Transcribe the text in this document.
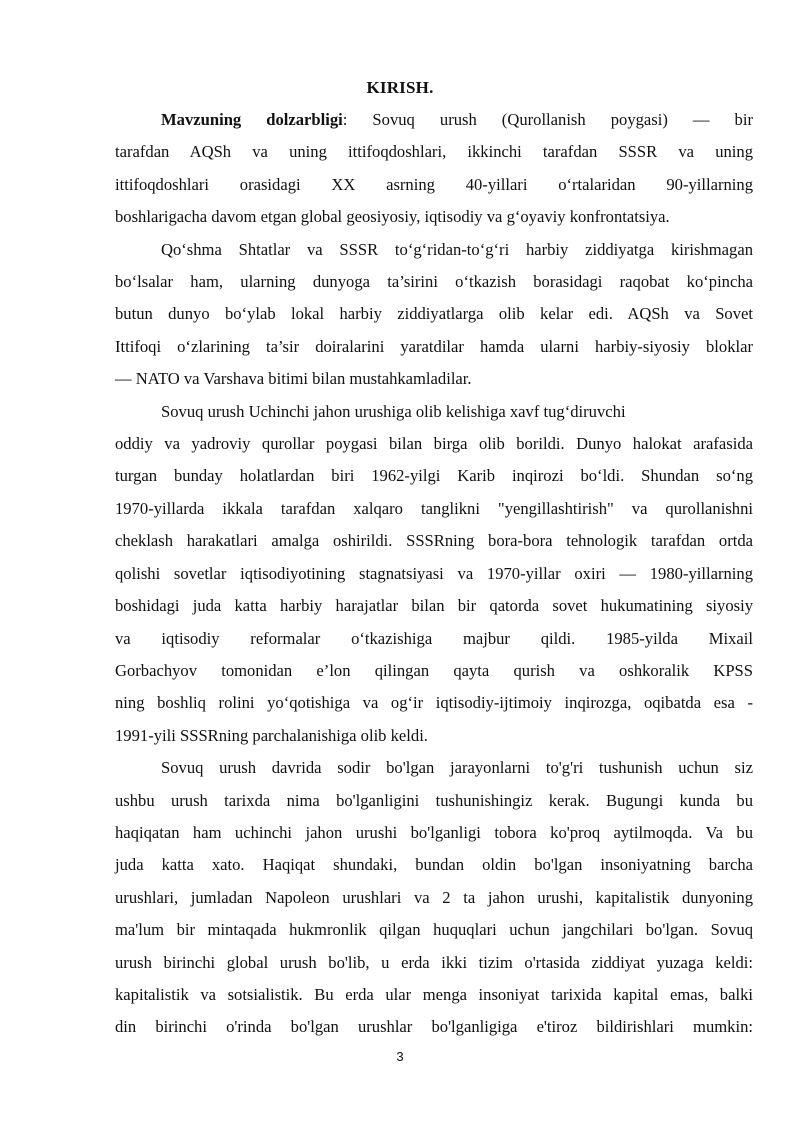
KIRISH.

Mavzuning dolzarbligi: Sovuq urush (Qurollanish poygasi) — bir
tarafdan AQSh va uning ittifoqdoshlari, ikkinchi tarafdan SSSR va uning
ittifoqdoshlari orasidagi XX asrning 40-yillari o‘rtalaridan 90-yillarning
boshlarigacha davom etgan global geosiyosiy, iqtisodiy va g‘oyaviy konfrontatsiya.

Qo‘shma Shtatlar va SSSR to‘g‘ridan-to‘g‘ri harbiy ziddiyatga kirishmagan
bo‘lsalar ham, ularning dunyoga ta’sirini o‘tkazish borasidagi raqobat ko‘pincha
butun dunyo bo‘ylab lokal harbiy ziddiyatlarga olib kelar edi. AQSh va Sovet
Ittifoqi o‘zlarining ta’sir doiralarini yaratdilar hamda ularni harbiy-siyosiy bloklar
— NATO va Varshava bitimi bilan mustahkamladilar.

Sovuq urush Uchinchi jahon urushiga olib kelishiga xavf tug‘diruvchi
oddiy va yadroviy qurollar poygasi bilan birga olib borildi. Dunyo halokat arafasida
turgan bunday holatlardan biri 1962-yilgi Karib inqirozi bo‘ldi. Shundan so‘ng
1970-yillarda ikkala tarafdan xalqaro tanglikni "yengillashtirish" va qurollanishni
cheklash harakatlari amalga oshirildi. SSSRning bora-bora tehnologik tarafdan ortda
qolishi sovetlar iqtisodiyotining stagnatsiyasi va 1970-yillar oxiri — 1980-yillarning
boshidagi juda katta harbiy harajatlar bilan bir qatorda sovet hukumatining siyosiy
va iqtisodiy reformalar o‘tkazishiga majbur qildi. 1985-yilda Mixail
Gorbachyov tomonidan e’lon qilingan qayta qurish va oshkoralik KPSS
ning boshliq rolini yo‘qotishiga va og‘ir iqtisodiy-ijtimoiy inqirozga, oqibatda esa -
1991-yili SSSRning parchalanishiga olib keldi.

Sovuq urush davrida sodir bo'lgan jarayonlarni to'g'ri tushunish uchun siz
ushbu urush tarixda nima bo'lganligini tushunishingiz kerak. Bugungi kunda bu
haqiqatan ham uchinchi jahon urushi bo'lganligi tobora ko'proq aytilmoqda. Va bu
juda katta xato. Haqiqat shundaki, bundan oldin bo'lgan insoniyatning barcha
urushlari, jumladan Napoleon urushlari va 2 ta jahon urushi, kapitalistik dunyoning
ma'lum bir mintaqada hukmronlik qilgan huquqlari uchun jangchilari bo'lgan. Sovuq
urush birinchi global urush bo'lib, u erda ikki tizim o'rtasida ziddiyat yuzaga keldi:
kapitalistik va sotsialistik. Bu erda ular menga insoniyat tarixida kapital emas, balki
din birinchi o'rinda bo'lgan urushlar bo'lganligiga e'tiroz bildirishlari mumkin:

3
